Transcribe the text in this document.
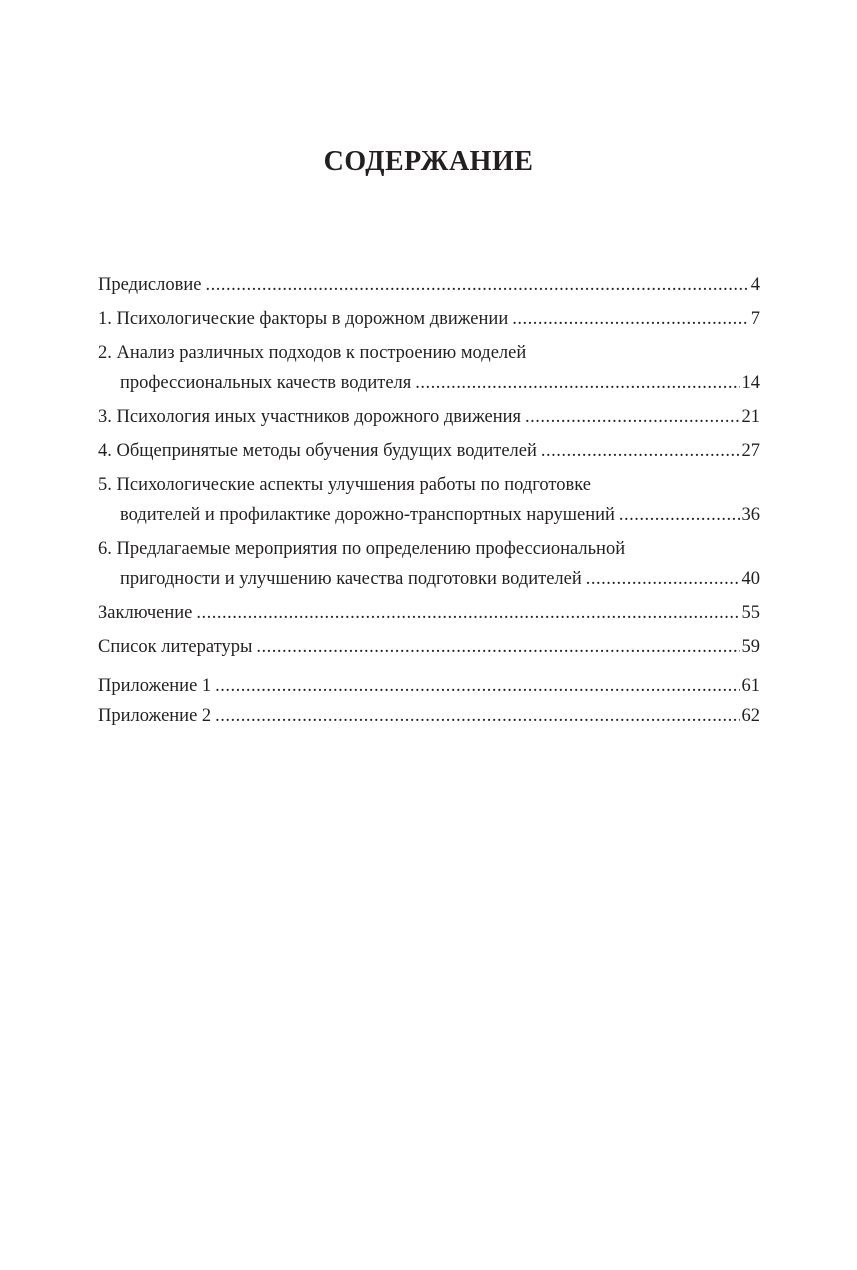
СОДЕРЖАНИЕ
Предисловие .....	4
1. Психологические факторы в дорожном движении .....	7
2. Анализ различных подходов к построению моделей
профессиональных качеств водителя .....	14
3. Психология иных участников дорожного движения .....	21
4. Общепринятые методы обучения будущих водителей .....	27
5. Психологические аспекты улучшения работы по подготовке
водителей и профилактике дорожно-транспортных нарушений .....	36
6. Предлагаемые мероприятия по определению профессиональной
пригодности и улучшению качества подготовки водителей .....	40
Заключение .....	55
Список литературы .....	59
Приложение 1 .....	61
Приложение 2 .....	62
